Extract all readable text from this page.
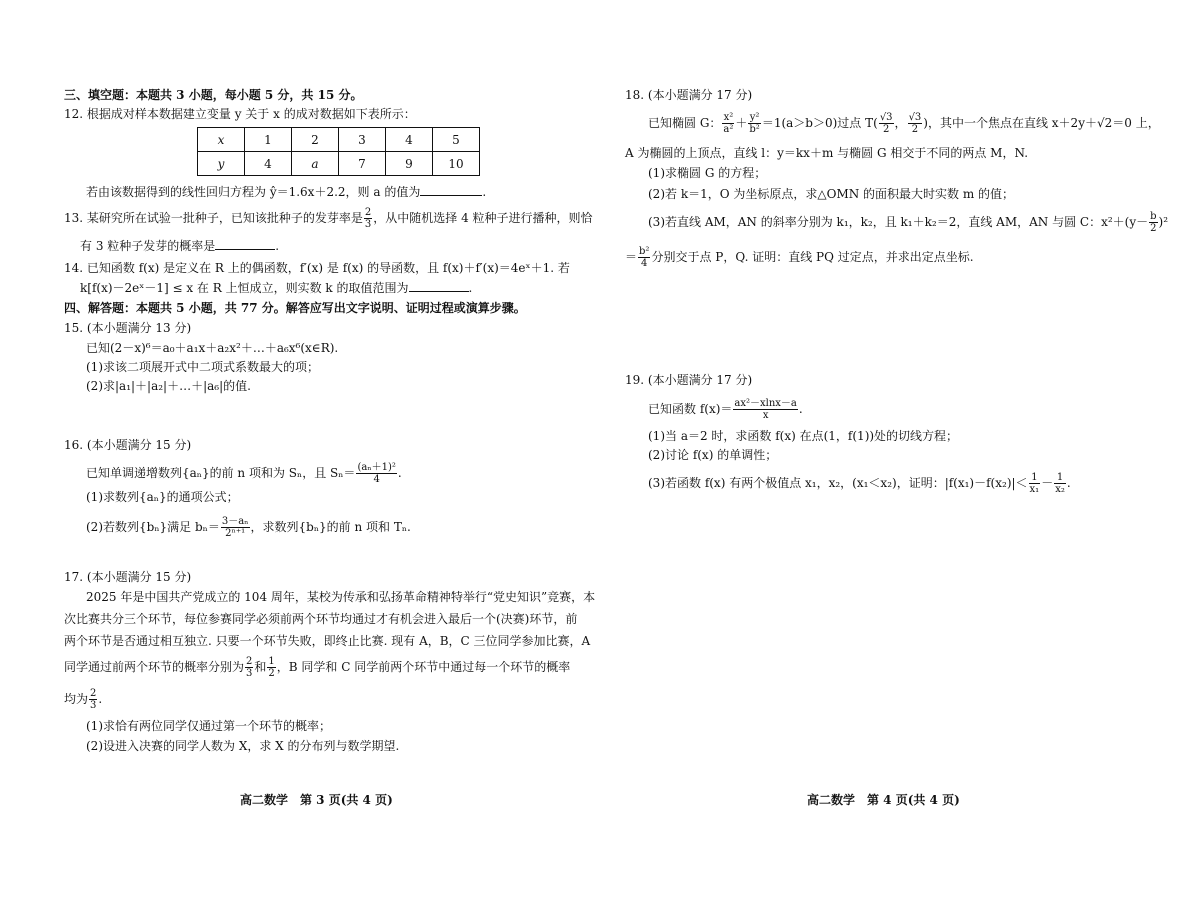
三、填空题：本题共 3 小题，每小题 5 分，共 15 分。
12. 根据成对样本数据建立变量 y 关于 x 的成对数据如下表所示：
x	1	2	3	4	5
y	4	a	7	9	10
若由该数据得到的线性回归方程为 ŷ＝1.6x＋2.2，则 a 的值为	.
13. 某研究所在试验一批种子，已知该批种子的发芽率是 $\frac{2}{3}$ ，从中随机选择 4 粒种子进行播种，则恰
有 3 粒种子发芽的概率是	.
14. 已知函数 f(x) 是定义在 R 上的偶函数，f′(x) 是 f(x) 的导函数，且 f(x)＋f′(x)＝4eˣ＋1. 若
k[f(x)－2eˣ－1] ≤ x 在 R 上恒成立，则实数 k 的取值范围为	.
四、解答题：本题共 5 小题，共 77 分。解答应写出文字说明、证明过程或演算步骤。
15. (本小题满分 13 分)
已知(2－x)⁶＝a₀＋a₁x＋a₂x²＋…＋a₆x⁶(x∈R).
(1)求该二项展开式中二项式系数最大的项；
(2)求|a₁|＋|a₂|＋…＋|a₆|的值.
16. (本小题满分 15 分)
已知单调递增数列{aₙ}的前 n 项和为 Sₙ，且 $S_n= \frac{\text{(aₙ＋1)²}}{4}$ .
(1)求数列{aₙ}的通项公式；
(2)若数列{bₙ}满足 $b_n= \frac{\text{3－aₙ}}{\text{2ⁿ⁺¹}}$ ，求数列{bₙ}的前 n 项和 Tₙ.
17. (本小题满分 15 分)
2025 年是中国共产党成立的 104 周年，某校为传承和弘扬革命精神特举行“党史知识”竞赛，本
次比赛共分三个环节，每位参赛同学必须前两个环节均通过才有机会进入最后一个(决赛)环节，前
两个环节是否通过相互独立. 只要一个环节失败，即终止比赛. 现有 A，B，C 三位同学参加比赛，A
同学通过前两个环节的概率分别为 $\frac{2}{3}$ 和 $\frac{1}{2}$ ，B 同学和 C 同学前两个环节中通过每一个环节的概率
均为 $\frac{2}{3}$ .
(1)求恰有两位同学仅通过第一个环节的概率；
(2)设进入决赛的同学人数为 X，求 X 的分布列与数学期望.
高二数学　第 3 页(共 4 页)
18. (本小题满分 17 分)
已知椭圆 G： $\frac{\text{x²}}{\text{a²}} + \frac{\text{y²}}{\text{b²}} =1(a>b>0)$过点 $T( \frac{√3}{2}$ ， $\frac{√3}{2}$ )，其中一个焦点在直线 x＋2y＋√2＝0 上，
A 为椭圆的上顶点，直线 l：y＝kx＋m 与椭圆 G 相交于不同的两点 M，N.
(1)求椭圆 G 的方程；
(2)若 k＝1，O 为坐标原点，求△OMN 的面积最大时实数 m 的值；
(3)若直线 AM，AN 的斜率分别为 k₁，k₂，且 k₁＋k₂＝2，直线 AM，AN 与圆 C：$x^2+(y- \frac{b}{2} )^2$
＝ $\frac{\text{b²}}{4}$ 分别交于点 P，Q. 证明：直线 PQ 过定点，并求出定点坐标.
19. (本小题满分 17 分)
已知函数 $f(x)= \frac{\text{ax²－xlnx－a}}{x}$ .
(1)当 a＝2 时，求函数 f(x) 在点(1，f(1))处的切线方程；
(2)讨论 f(x) 的单调性；
(3)若函数 f(x) 有两个极值点 x₁，x₂，(x₁＜x₂)，证明：$|f(x_1)-f(x_2)|< \frac{1}{\text{x₁}} - \frac{1}{\text{x₂}}$ .
高二数学　第 4 页(共 4 页)
